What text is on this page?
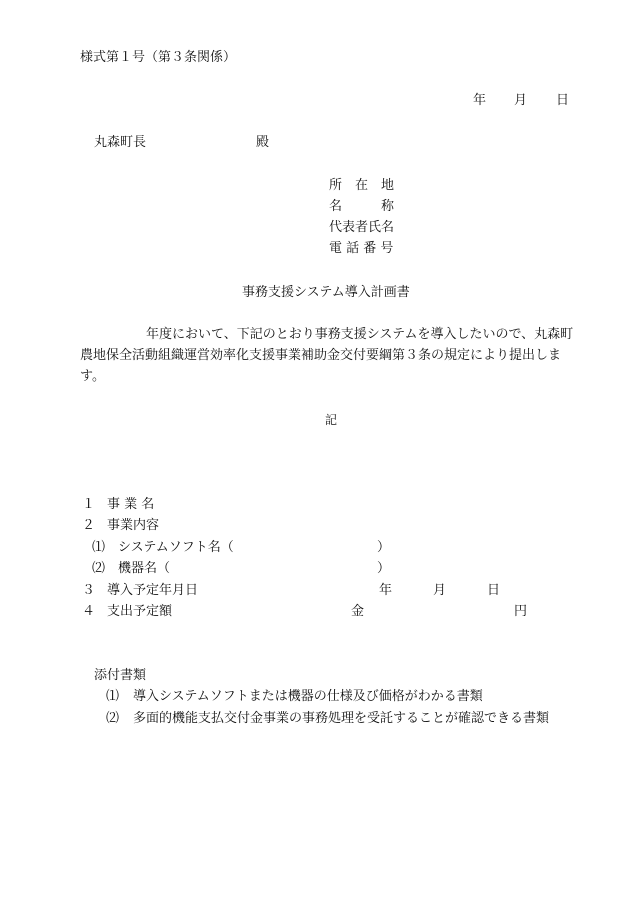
様式第１号（第３条関係）
年 月 日
丸森町長	殿
所　在　地
名　　　称
代表者氏名
電 話 番 号
事務支援システム導入計画書
年度において、下記のとおり事務支援システムを導入したいので、丸森町農地保全活動組織運営効率化支援事業補助金交付要綱第３条の規定により提出します。
記
１ 事 業 名
２ 事業内容
⑴ システムソフト名（	）
⑵ 機器名（	）
３ 導入予定年月日	年	月	日
４ 支出予定額	金	円
添付書類
⑴ 導入システムソフトまたは機器の仕様及び価格がわかる書類
⑵ 多面的機能支払交付金事業の事務処理を受託することが確認できる書類
